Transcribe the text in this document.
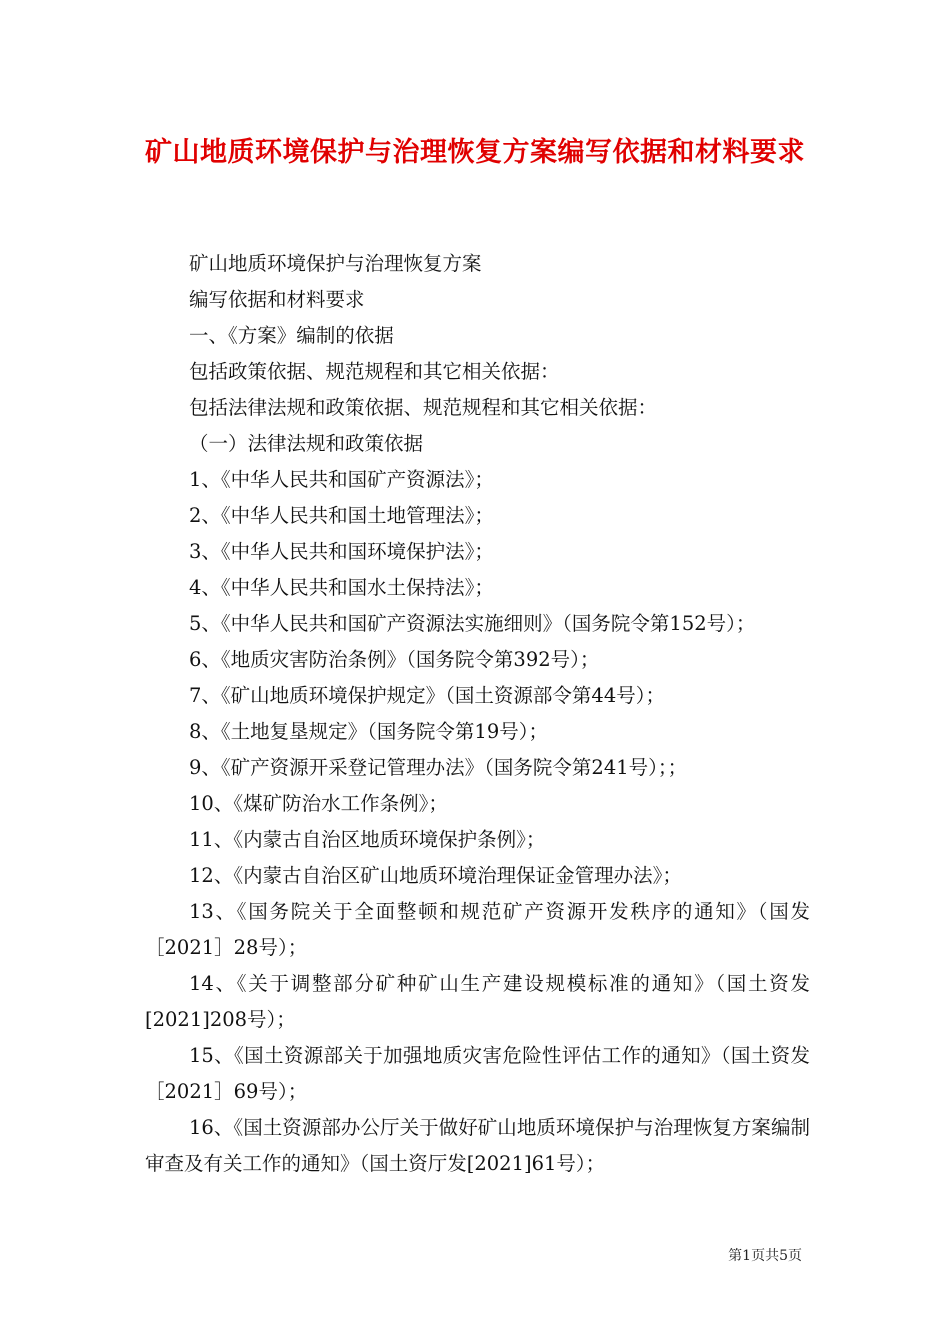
矿山地质环境保护与治理恢复方案编写依据和材料要求
矿山地质环境保护与治理恢复方案
编写依据和材料要求
一、《方案》编制的依据
包括政策依据、规范规程和其它相关依据：
包括法律法规和政策依据、规范规程和其它相关依据：
（一）法律法规和政策依据
1、《中华人民共和国矿产资源法》；
2、《中华人民共和国土地管理法》；
3、《中华人民共和国环境保护法》；
4、《中华人民共和国水土保持法》；
5、《中华人民共和国矿产资源法实施细则》（国务院令第152号）；
6、《地质灾害防治条例》（国务院令第392号）；
7、《矿山地质环境保护规定》（国土资源部令第44号）；
8、《土地复垦规定》（国务院令第19号）；
9、《矿产资源开采登记管理办法》（国务院令第241号）；；
10、《煤矿防治水工作条例》；
11、《内蒙古自治区地质环境保护条例》；
12、《内蒙古自治区矿山地质环境治理保证金管理办法》；
13、《国务院关于全面整顿和规范矿产资源开发秩序的通知》（国发［2021］28号）；
14、《关于调整部分矿种矿山生产建设规模标准的通知》（国土资发[2021]208号）；
15、《国土资源部关于加强地质灾害危险性评估工作的通知》（国土资发［2021］69号）；
16、《国土资源部办公厅关于做好矿山地质环境保护与治理恢复方案编制审查及有关工作的通知》（国土资厅发[2021]61号）；
第1页共5页
